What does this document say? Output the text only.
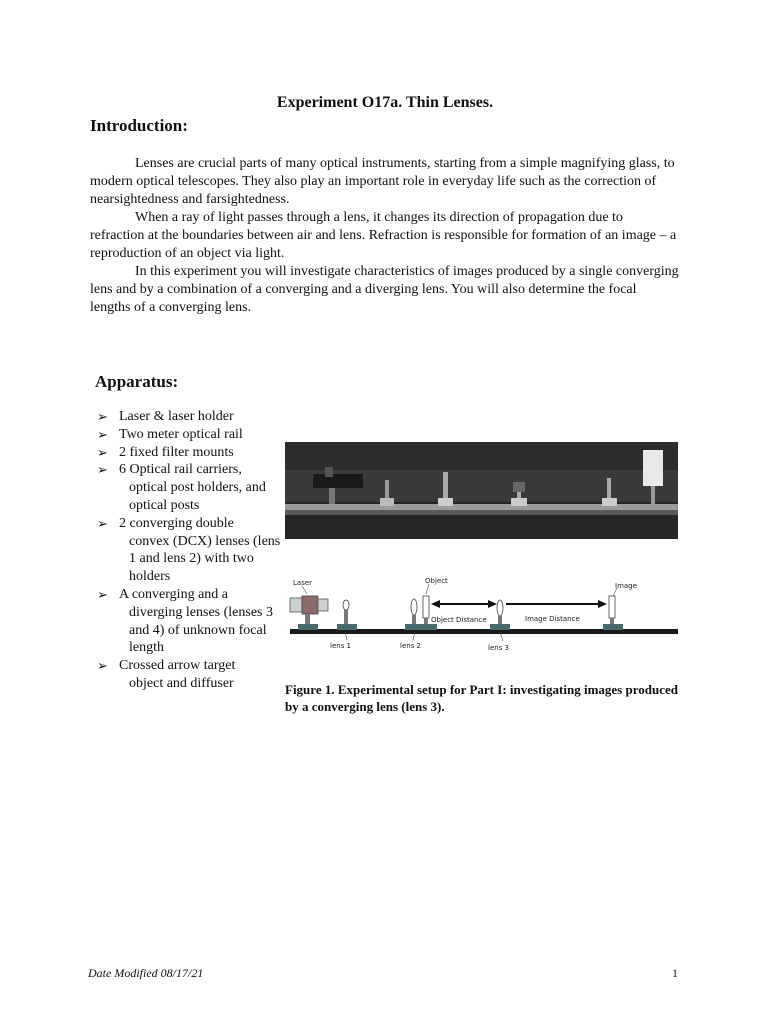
Experiment O17a. Thin Lenses.
Introduction:

Lenses are crucial parts of many optical instruments, starting from a simple magnifying glass, to modern optical telescopes. They also play an important role in everyday life such as the correction of nearsightedness and farsightedness.

When a ray of light passes through a lens, it changes its direction of propagation due to refraction at the boundaries between air and lens. Refraction is responsible for formation of an image – a reproduction of an object via light.

In this experiment you will investigate characteristics of images produced by a single converging lens and by a combination of a converging and a diverging lens. You will also determine the focal lengths of a converging lens.

Apparatus:
➢ Laser & laser holder
➢ Two meter optical rail
➢ 2 fixed filter mounts
➢ 6 Optical rail carriers,
optical post holders, and optical posts
➢ 2 converging double
convex (DCX) lenses (lens 1 and lens 2) with two holders
➢ A converging and a
diverging lenses (lenses 3 and 4) of unknown focal length
➢ Crossed arrow target
object and diffuser
Laser	Object
Image
Object Distance	Image Distance
lens 1	lens 2	lens 3
Figure 1. Experimental setup for Part I: investigating images produced by a converging lens (lens 3).
Date Modified 08/17/21	1
